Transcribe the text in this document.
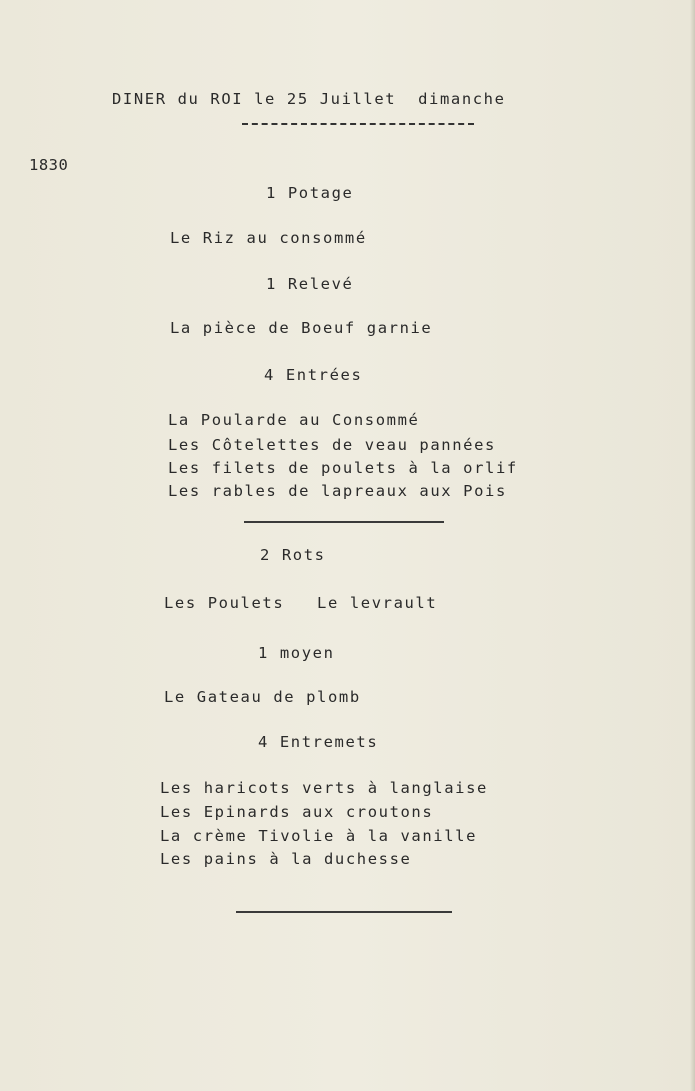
DINER du ROI le 25 Juillet  dimanche
1830
1 Potage
Le Riz au consommé
1 Relevé
La pièce de Boeuf garnie
4 Entrées
La Poularde au Consommé
Les Côtelettes de veau pannées
Les filets de poulets à la orlif
Les rables de lapreaux aux Pois
2 Rots
Les Poulets   Le levrault
1 moyen
Le Gateau de plomb
4 Entremets
Les haricots verts à langlaise
Les Epinards aux croutons
La crème Tivolie à la vanille
Les pains à la duchesse
